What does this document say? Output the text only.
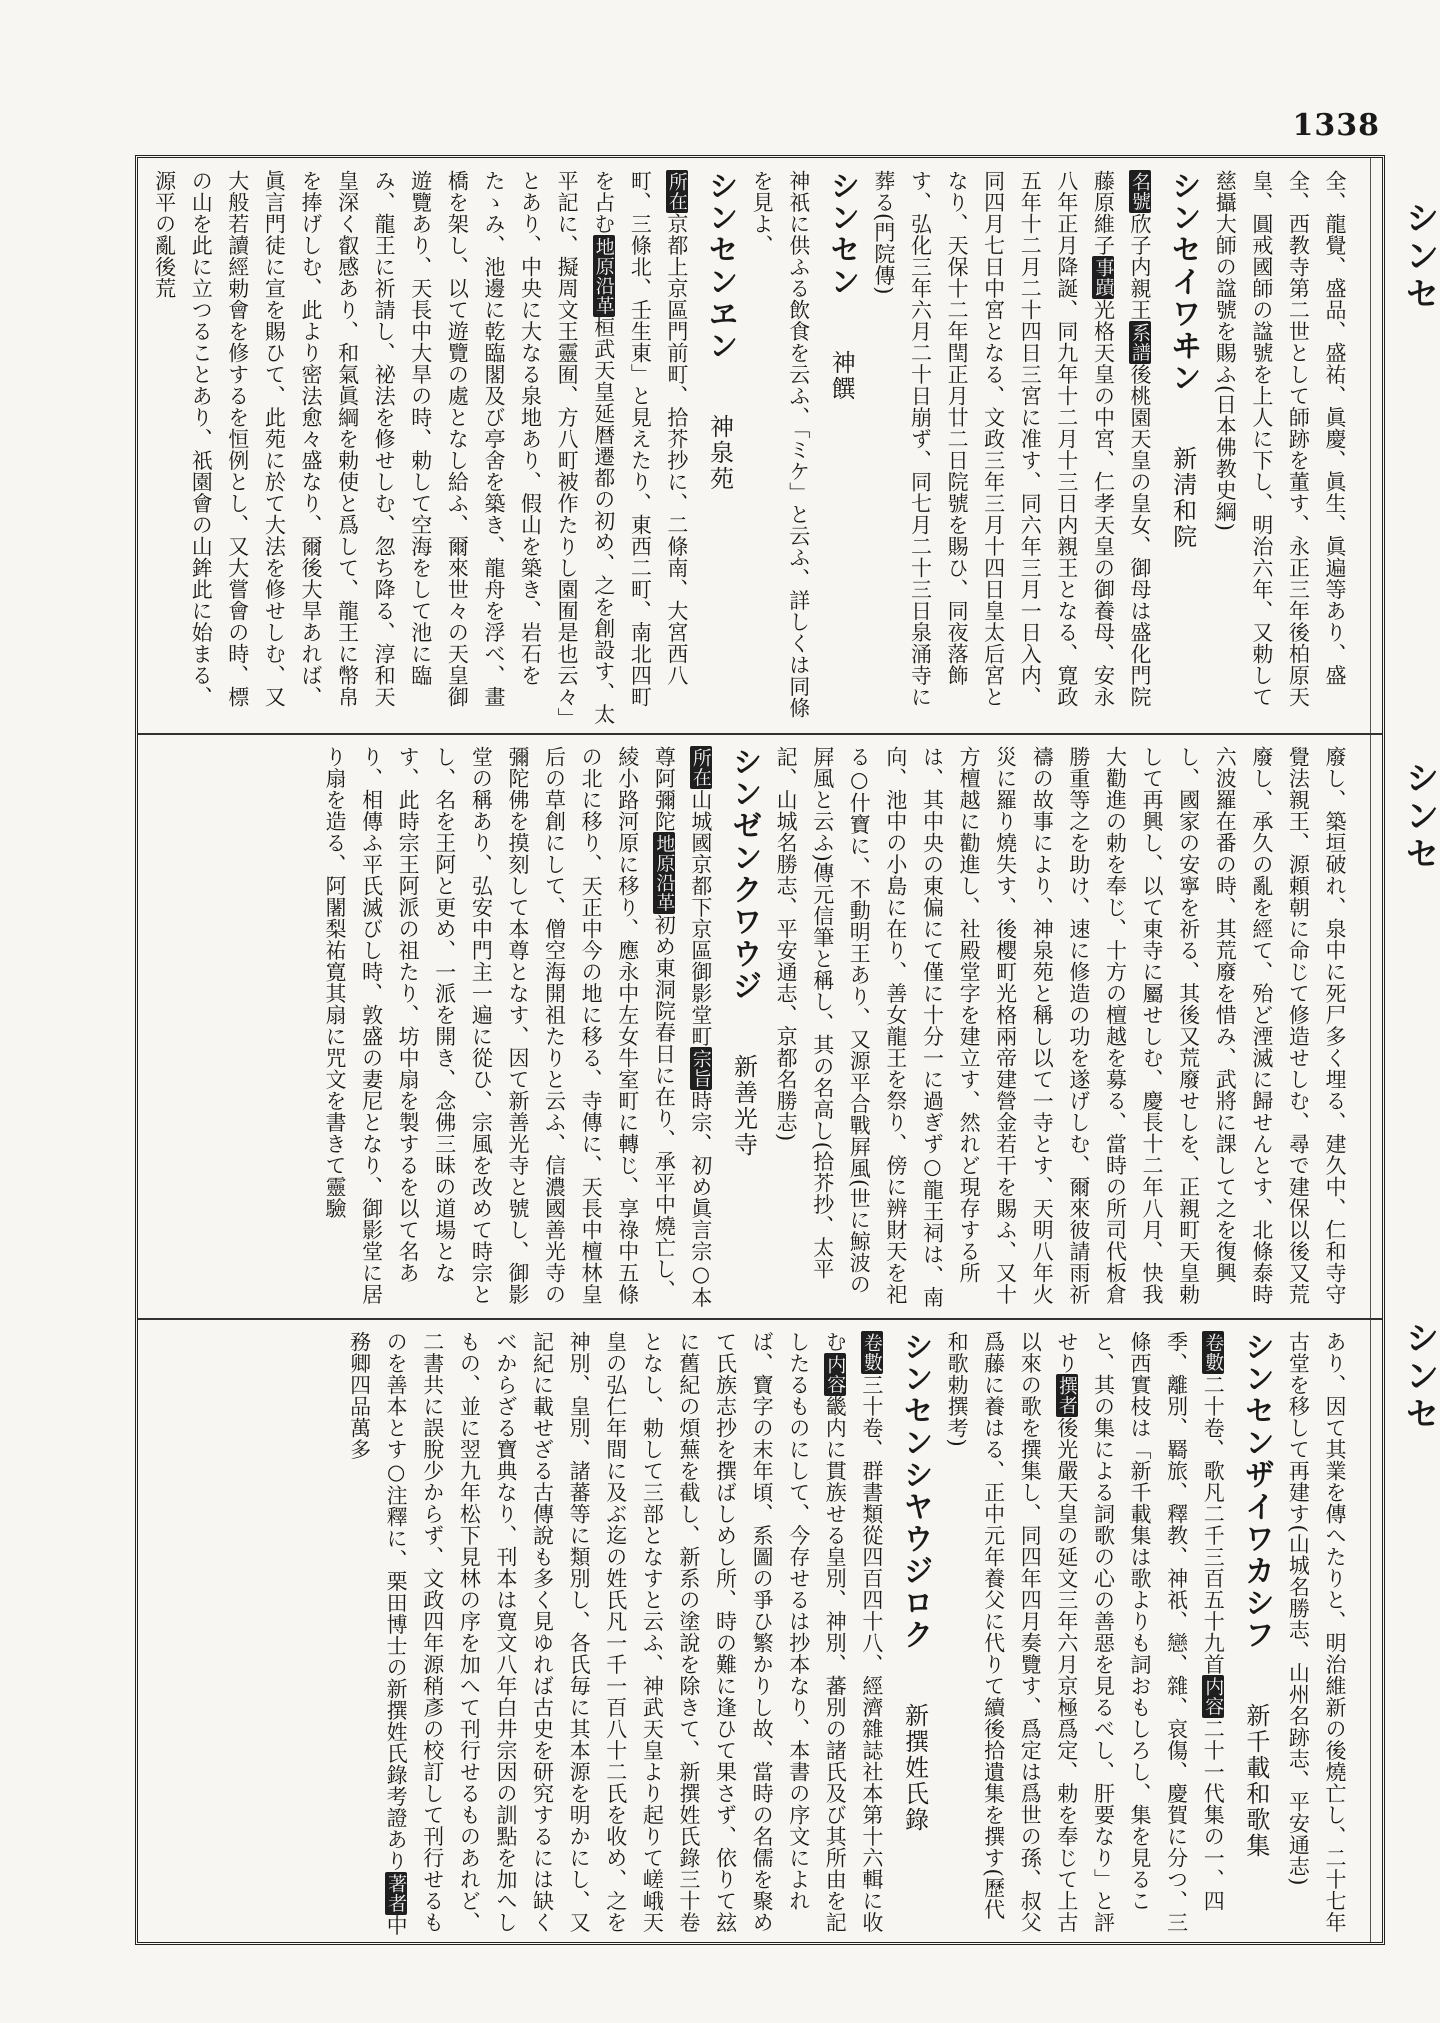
1338
シンセ
シンセ
シンセ
全、龍覺、盛品、盛祐、眞慶、眞生、眞遍等あり、盛全、西教寺第二世として師跡を董す、永正三年後柏原天皇、圓戒國師の諡號を上人に下し、明治六年、又勅して慈攝大師の諡號を賜ふ(日本佛教史綱)
シンセイワヰン　新淸和院
名號欣子内親王系譜後桃園天皇の皇女、御母は盛化門院藤原維子事蹟光格天皇の中宮、仁孝天皇の御養母、安永八年正月降誕、同九年十二月十三日内親王となる、寛政五年十二月二十四日三宮に准す、同六年三月一日入内、同四月七日中宮となる、文政三年三月十四日皇太后宮となり、天保十二年閏正月廿二日院號を賜ひ、同夜落飾す、弘化三年六月二十日崩ず、同七月二十三日泉涌寺に葬る(門院傳)
シンセン　神饌
神祇に供ふる飲食を云ふ、「ミケ」と云ふ、詳しくは同條を見よ、
シンセンヱン　神泉苑
所在京都上京區門前町、拾芥抄に、二條南、大宮西八町、三條北、壬生東」と見えたり、東西二町、南北四町を占む地原沿革桓武天皇延暦遷都の初め、之を創設す、太平記に、擬周文王靈囿、方八町被作たりし園囿是也云々」とあり、中央に大なる泉地あり、假山を築き、岩石をたゝみ、池邊に乾臨閣及び亭舍を築き、龍舟を浮べ、畫橋を架し、以て遊覽の處となし給ふ、爾來世々の天皇御遊覽あり、天長中大旱の時、勅して空海をして池に臨み、龍王に祈請し、祕法を修せしむ、忽ち降る、淳和天皇深く叡感あり、和氣眞綱を勅使と爲して、龍王に幣帛を捧げしむ、此より密法愈々盛なり、爾後大旱あれば、眞言門徒に宣を賜ひて、此苑に於て大法を修せしむ、又大般若讀經勅會を修するを恒例とし、又大嘗會の時、標の山を此に立つることあり、祇園會の山鉾此に始まる、源平の亂後荒
廢し、築垣破れ、泉中に死尸多く埋る、建久中、仁和寺守覺法親王、源頼朝に命じて修造せしむ、尋で建保以後又荒廢し、承久の亂を經て、殆ど湮滅に歸せんとす、北條泰時六波羅在番の時、其荒廢を惜み、武將に課して之を復興し、國家の安寧を祈る、其後又荒廢せしを、正親町天皇勅して再興し、以て東寺に屬せしむ、慶長十二年八月、快我大勸進の勅を奉じ、十方の檀越を募る、當時の所司代板倉勝重等之を助け、速に修造の功を遂げしむ、爾來彼請雨祈禱の故事により、神泉苑と稱し以て一寺とす、天明八年火災に羅り燒失す、後櫻町光格兩帝建營金若干を賜ふ、又十方檀越に勸進し、社殿堂字を建立す、然れど現存する所は、其中央の東偏にて僅に十分一に過ぎず○龍王祠は、南向、池中の小島に在り、善女龍王を祭り、傍に辨財天を祀る○什寶に、不動明王あり、又源平合戰屛風(世に鯨波の屛風と云ふ)傳元信筆と稱し、其の名高し(拾芥抄、太平記、山城名勝志、平安通志、京都名勝志)
シンゼンクワウジ　新善光寺
所在山城國京都下京區御影堂町宗旨時宗、初め眞言宗○本尊阿彌陀地原沿革初め東洞院春日に在り、承平中燒亡し、綾小路河原に移り、應永中左女牛室町に轉じ、享祿中五條の北に移り、天正中今の地に移る、寺傳に、天長中檀林皇后の草創にして、僧空海開祖たりと云ふ、信濃國善光寺の彌陀佛を摸刻して本尊となす、因て新善光寺と號し、御影堂の稱あり、弘安中門主一遍に從ひ、宗風を改めて時宗とし、名を王阿と更め、一派を開き、念佛三昧の道場となす、此時宗王阿派の祖たり、坊中扇を製するを以て名あり、相傳ふ平氏滅びし時、敦盛の妻尼となり、御影堂に居り扇を造る、阿闍梨祐寛其扇に咒文を書きて靈驗
あり、因て其業を傳へたりと、明治維新の後燒亡し、二十七年古堂を移して再建す(山城名勝志、山州名跡志、平安通志)
シンセンザイワカシフ　新千載和歌集
卷數二十卷、歌凡二千三百五十九首内容二十一代集の一、四季、離別、羇旅、釋教、神祇、戀、雜、哀傷、慶賀に分つ、三條西實枝は「新千載集は歌よりも詞おもしろし、集を見ること、其の集による詞歌の心の善惡を見るべし、肝要なり」と評せり撰者後光嚴天皇の延文三年六月京極爲定、勅を奉じて上古以來の歌を撰集し、同四年四月奏覽す、爲定は爲世の孫、叔父爲藤に養はる、正中元年養父に代りて續後拾遺集を撰す(歷代和歌勅撰考)
シンセンシヤウジロク　新撰姓氏錄
卷數三十卷、群書類從四百四十八、經濟雜誌社本第十六輯に收む内容畿内に貫族せる皇別、神別、蕃別の諸氏及び其所由を記したるものにして、今存せるは抄本なり、本書の序文によれば、寶字の末年頃、系圖の爭ひ繁かりし故、當時の名儒を聚めて氏族志抄を撰ばしめし所、時の難に逢ひて果さず、依りて玆に舊紀の煩蕪を截し、新系の塗說を除きて、新撰姓氏錄三十卷となし、勅して三部となすと云ふ、神武天皇より起りて嵯峨天皇の弘仁年間に及ぶ迄の姓氏凡一千一百八十二氏を收め、之を神別、皇別、諸蕃等に類別し、各氏毎に其本源を明かにし、又記紀に載せざる古傳說も多く見ゆれば古史を研究するには缺くべからざる寶典なり、刊本は寛文八年白井宗因の訓點を加へしもの、並に翌九年松下見林の序を加へて刊行せるものあれど、二書共に誤脫少からず、文政四年源稍彥の校訂して刊行せるものを善本とす○注釋に、栗田博士の新撰姓氏錄考證あり著者中務卿四品萬多
